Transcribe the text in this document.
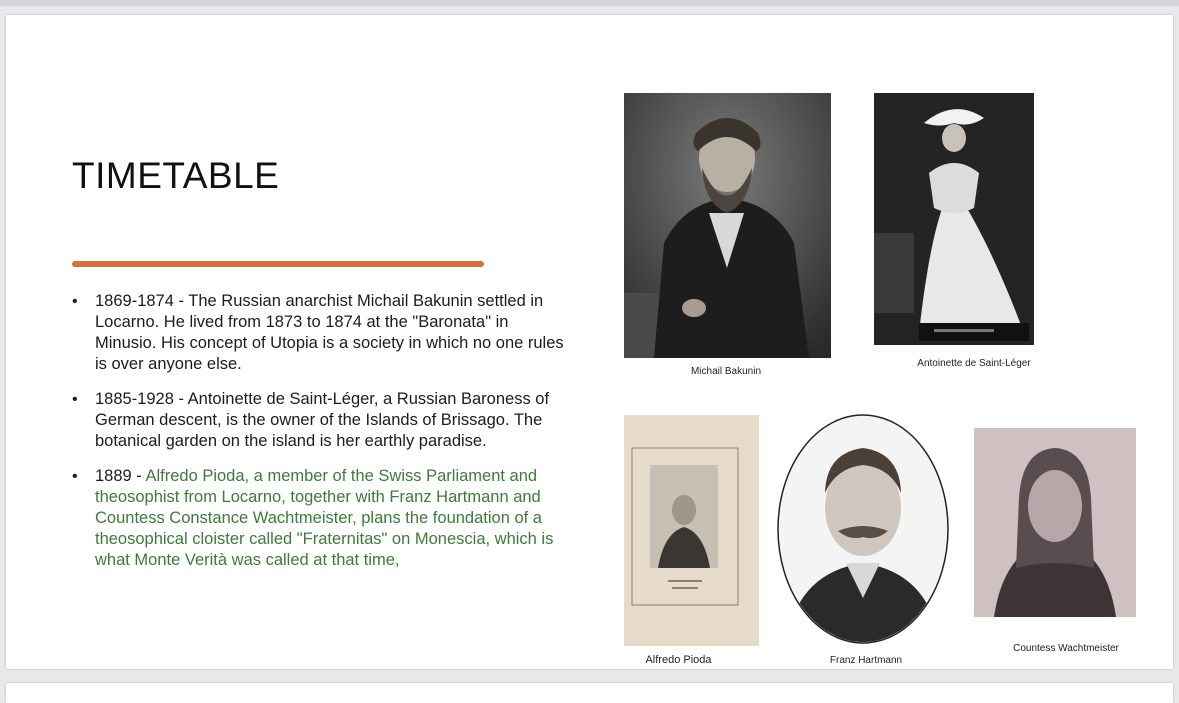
TIMETABLE
• 1869-1874 - The Russian anarchist Michail Bakunin settled in Locarno. He lived from 1873 to 1874 at the "Baronata" in Minusio. His concept of Utopia is a society in which no one rules is over anyone else.
• 1885-1928 - Antoinette de Saint-Léger, a Russian Baroness of German descent, is the owner of the Islands of Brissago. The botanical garden on the island is her earthly paradise.
• 1889 - Alfredo Pioda, a member of the Swiss Parliament and theosophist from Locarno, together with Franz Hartmann and Countess Constance Wachtmeister, plans the foundation of a theosophical cloister called "Fraternitas" on Monescia, which is what Monte Verità was called at that time,
Michail Bakunin
Antoinette de Saint-Léger
Alfredo Pioda	Franz Hartmann
Countess Wachtmeister
